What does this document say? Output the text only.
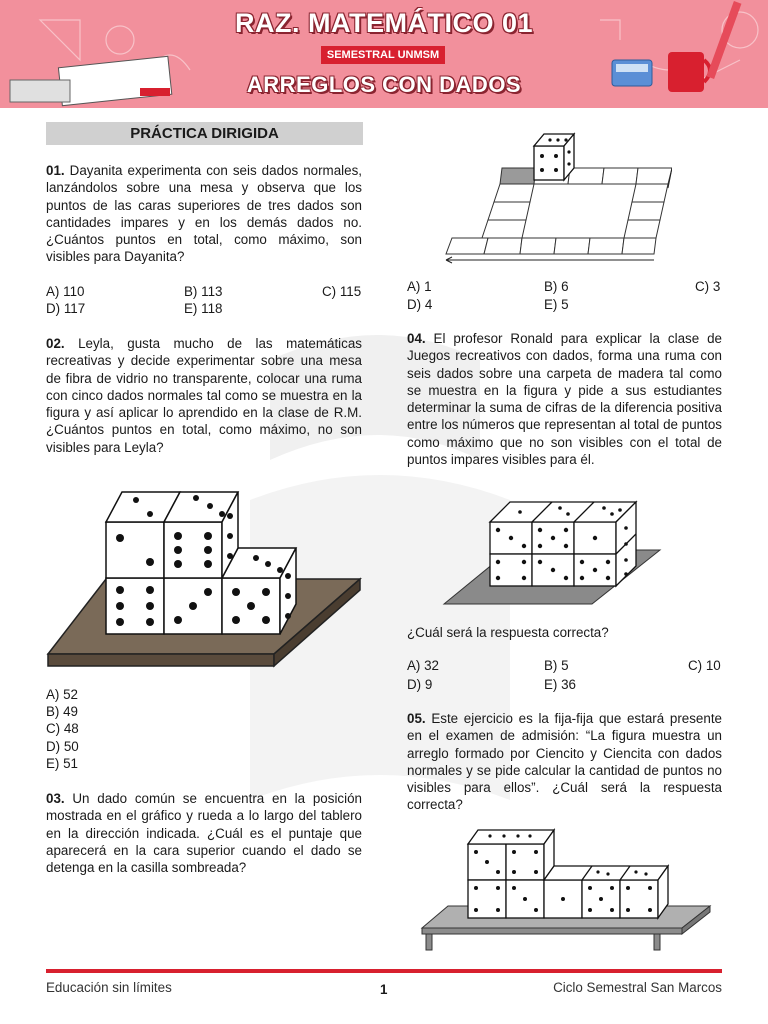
RAZ. MATEMÁTICO 01
SEMESTRAL UNMSM
ARREGLOS CON DADOS
PRÁCTICA DIRIGIDA

01. Dayanita experimenta con seis dados normales, lanzándolos sobre una mesa y observa que los puntos de las caras superiores de tres dados son cantidades impares y en los demás dados no. ¿Cuántos puntos en total, como máximo, son visibles para Dayanita?

A) 110	B) 113	C) 115
D) 117	E) 118

02. Leyla, gusta mucho de las matemáticas recreativas y decide experimentar sobre una mesa de fibra de vidrio no transparente, colocar una ruma con cinco dados normales tal como se muestra en la figura y así aplicar lo aprendido en la clase de R.M. ¿Cuántos puntos en total, como máximo, no son visibles para Leyla?

A) 52
B) 49
C) 48
D) 50
E) 51

03. Un dado común se encuentra en la posición mostrada en el gráfico y rueda a lo largo del tablero en la dirección indicada. ¿Cuál es el puntaje que aparecerá en la cara superior cuando el dado se detenga en la casilla sombreada?

A) 1	B) 6	C) 3
D) 4	E) 5

04. El profesor Ronald para explicar la clase de Juegos recreativos con dados, forma una ruma con seis dados sobre una carpeta de madera tal como se muestra en la figura y pide a sus estudiantes determinar la suma de cifras de la diferencia positiva entre los números que representan al total de puntos como máximo que no son visibles con el total de puntos impares visibles para él.

¿Cuál será la respuesta correcta?
A) 32	B) 5	C) 10
D) 9	E) 36

05. Este ejercicio es la fija-fija que estará presente en el examen de admisión: “La figura muestra un arreglo formado por Ciencito y Ciencita con dados normales y se pide calcular la cantidad de puntos no visibles para ellos”. ¿Cuál será la respuesta correcta?

Educación sin límites	1	Ciclo Semestral San Marcos
